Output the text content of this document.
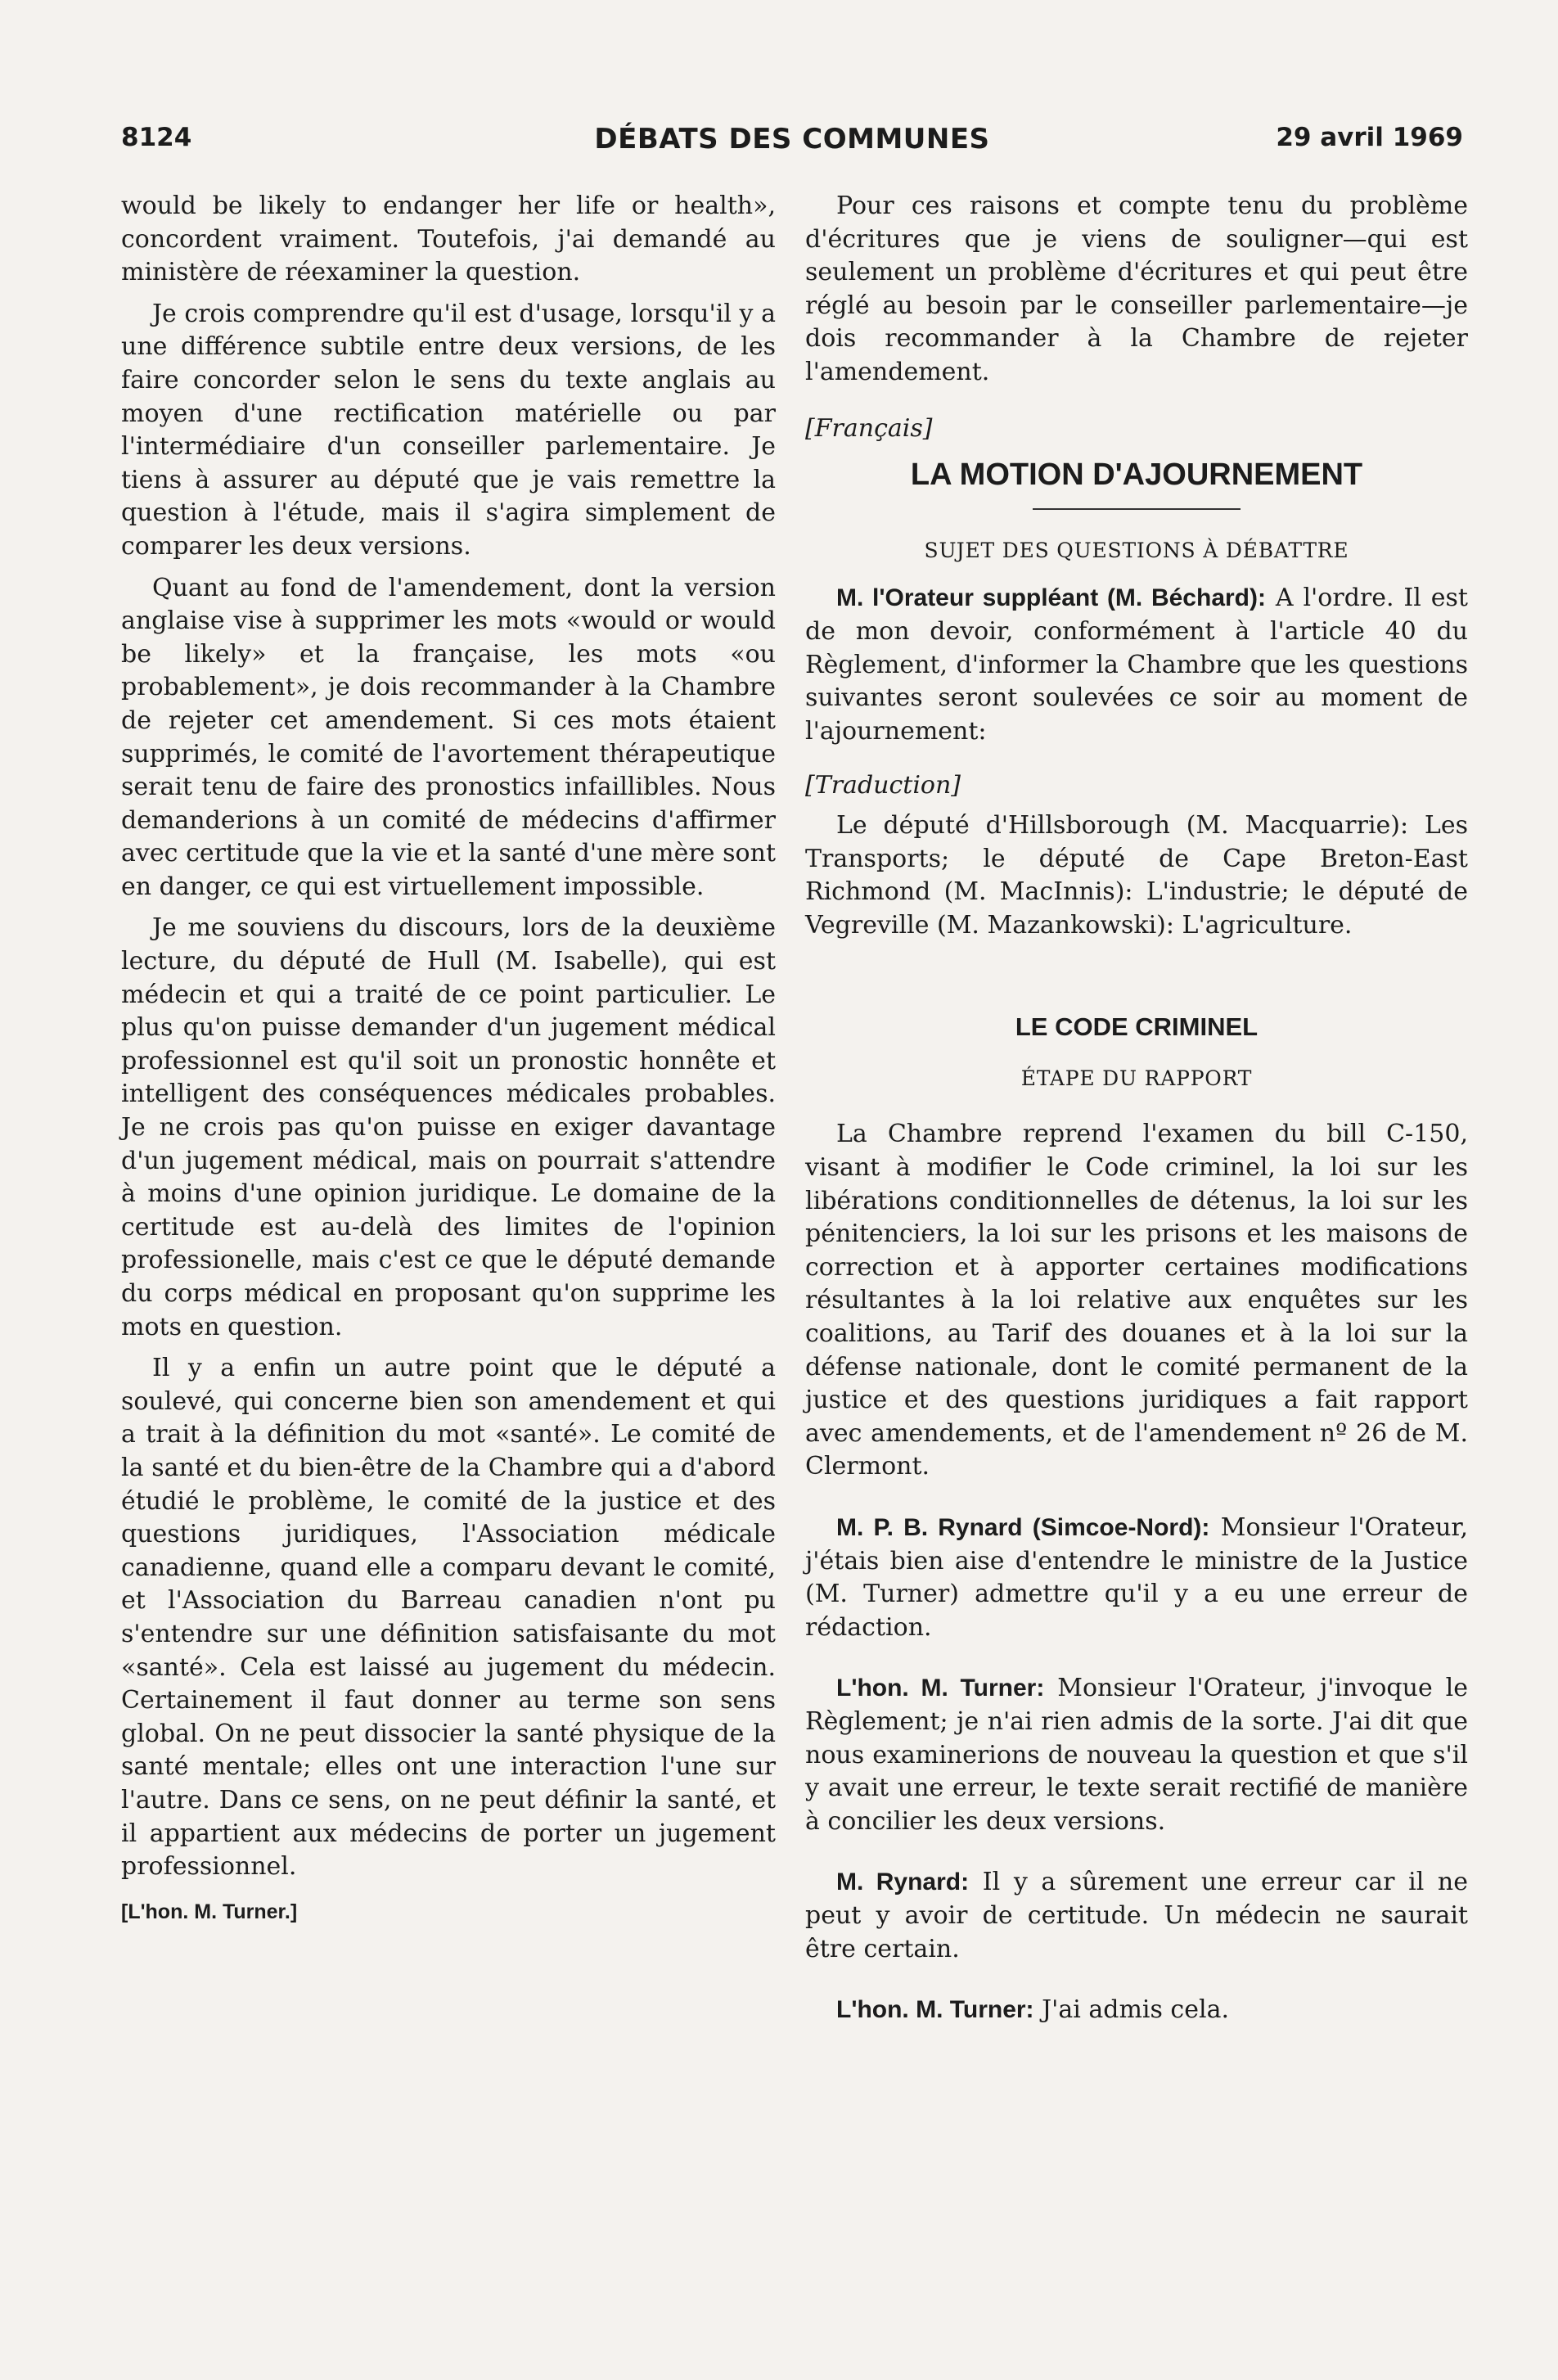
8124	DÉBATS DES COMMUNES	29 avril 1969

would be likely to endanger her life or health», concordent vraiment. Toutefois, j'ai demandé au ministère de réexaminer la question.

Je crois comprendre qu'il est d'usage, lorsqu'il y a une différence subtile entre deux versions, de les faire concorder selon le sens du texte anglais au moyen d'une rectification matérielle ou par l'intermédiaire d'un conseiller parlementaire. Je tiens à assurer au député que je vais remettre la question à l'étude, mais il s'agira simplement de comparer les deux versions.

Quant au fond de l'amendement, dont la version anglaise vise à supprimer les mots «would or would be likely» et la française, les mots «ou probablement», je dois recommander à la Chambre de rejeter cet amendement. Si ces mots étaient supprimés, le comité de l'avortement thérapeutique serait tenu de faire des pronostics infaillibles. Nous demanderions à un comité de médecins d'affirmer avec certitude que la vie et la santé d'une mère sont en danger, ce qui est virtuellement impossible.

Je me souviens du discours, lors de la deuxième lecture, du député de Hull (M. Isabelle), qui est médecin et qui a traité de ce point particulier. Le plus qu'on puisse demander d'un jugement médical professionnel est qu'il soit un pronostic honnête et intelligent des conséquences médicales probables. Je ne crois pas qu'on puisse en exiger davantage d'un jugement médical, mais on pourrait s'attendre à moins d'une opinion juridique. Le domaine de la certitude est au-delà des limites de l'opinion professionelle, mais c'est ce que le député demande du corps médical en proposant qu'on supprime les mots en question.

Il y a enfin un autre point que le député a soulevé, qui concerne bien son amendement et qui a trait à la définition du mot «santé». Le comité de la santé et du bien-être de la Chambre qui a d'abord étudié le problème, le comité de la justice et des questions juridiques, l'Association médicale canadienne, quand elle a comparu devant le comité, et l'Association du Barreau canadien n'ont pu s'entendre sur une définition satisfaisante du mot «santé». Cela est laissé au jugement du médecin. Certainement il faut donner au terme son sens global. On ne peut dissocier la santé physique de la santé mentale; elles ont une interaction l'une sur l'autre. Dans ce sens, on ne peut définir la santé, et il appartient aux médecins de porter un jugement professionnel.

[L'hon. M. Turner.]

Pour ces raisons et compte tenu du problème d'écritures que je viens de souligner—qui est seulement un problème d'écritures et qui peut être réglé au besoin par le conseiller parlementaire—je dois recommander à la Chambre de rejeter l'amendement.

[Français]
LA MOTION D'AJOURNEMENT
SUJET DES QUESTIONS À DÉBATTRE

M. l'Orateur suppléant (M. Béchard): A l'ordre. Il est de mon devoir, conformément à l'article 40 du Règlement, d'informer la Chambre que les questions suivantes seront soulevées ce soir au moment de l'ajournement:

[Traduction]

Le député d'Hillsborough (M. Macquarrie): Les Transports; le député de Cape Breton-East Richmond (M. MacInnis): L'industrie; le député de Vegreville (M. Mazankowski): L'agriculture.

LE CODE CRIMINEL
ÉTAPE DU RAPPORT

La Chambre reprend l'examen du bill C-150, visant à modifier le Code criminel, la loi sur les libérations conditionnelles de détenus, la loi sur les pénitenciers, la loi sur les prisons et les maisons de correction et à apporter certaines modifications résultantes à la loi relative aux enquêtes sur les coalitions, au Tarif des douanes et à la loi sur la défense nationale, dont le comité permanent de la justice et des questions juridiques a fait rapport avec amendements, et de l'amendement nº 26 de M. Clermont.

M. P. B. Rynard (Simcoe-Nord): Monsieur l'Orateur, j'étais bien aise d'entendre le ministre de la Justice (M. Turner) admettre qu'il y a eu une erreur de rédaction.

L'hon. M. Turner: Monsieur l'Orateur, j'invoque le Règlement; je n'ai rien admis de la sorte. J'ai dit que nous examinerions de nouveau la question et que s'il y avait une erreur, le texte serait rectifié de manière à concilier les deux versions.

M. Rynard: Il y a sûrement une erreur car il ne peut y avoir de certitude. Un médecin ne saurait être certain.

L'hon. M. Turner: J'ai admis cela.
